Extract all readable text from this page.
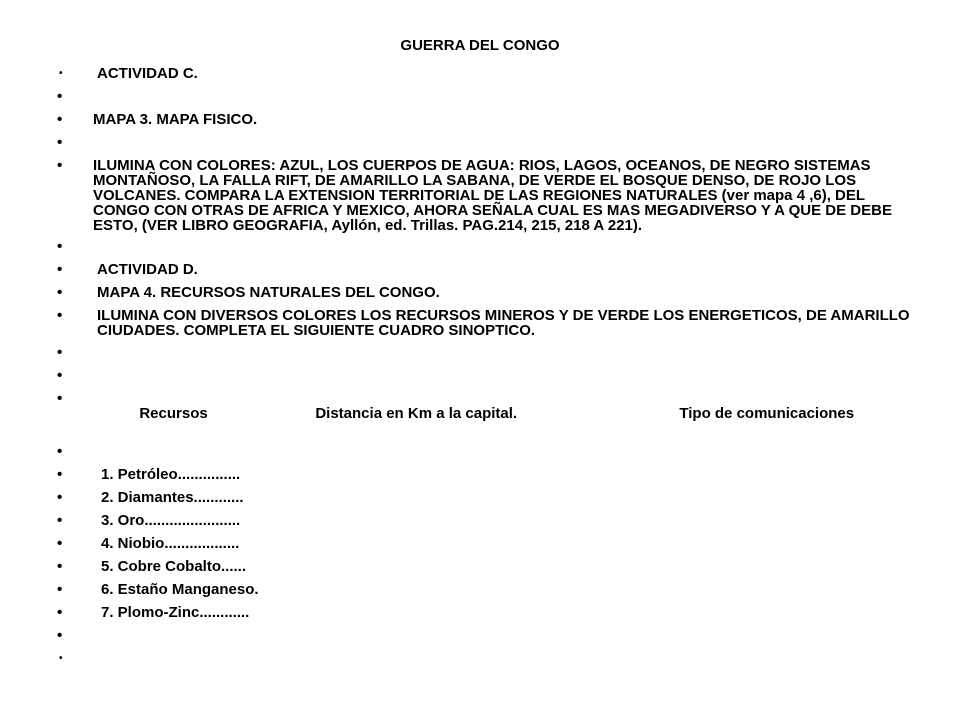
GUERRA DEL CONGO
• ACTIVIDAD C.
•
• MAPA 3. MAPA FISICO.
•
• ILUMINA CON COLORES: AZUL, LOS CUERPOS DE AGUA: RIOS, LAGOS, OCEANOS, DE NEGRO SISTEMAS MONTAÑOSO, LA FALLA RIFT, DE AMARILLO LA SABANA, DE VERDE EL BOSQUE DENSO, DE ROJO LOS VOLCANES. COMPARA LA EXTENSION TERRITORIAL DE LAS REGIONES NATURALES (ver mapa 4 ,6), DEL CONGO CON OTRAS DE AFRICA Y MEXICO, AHORA SEÑALA CUAL ES MAS MEGADIVERSO Y A QUE DE DEBE ESTO, (VER LIBRO GEOGRAFIA, Ayllón, ed. Trillas. PAG.214, 215, 218 A 221).
•
• ACTIVIDAD D.
• MAPA 4. RECURSOS NATURALES DEL CONGO.
• ILUMINA CON DIVERSOS COLORES LOS RECURSOS MINEROS Y DE VERDE LOS ENERGETICOS, DE AMARILLO CIUDADES. COMPLETA EL SIGUIENTE CUADRO SINOPTICO.
•
•
•

Recursos	Distancia en Km a la capital.	Tipo de comunicaciones

•
•	1. Petróleo...............
•	2. Diamantes............
•	3. Oro.......................
•	4. Niobio..................
•	5. Cobre Cobalto......
•	6. Estaño Manganeso.
•	7. Plomo-Zinc............
•
•
